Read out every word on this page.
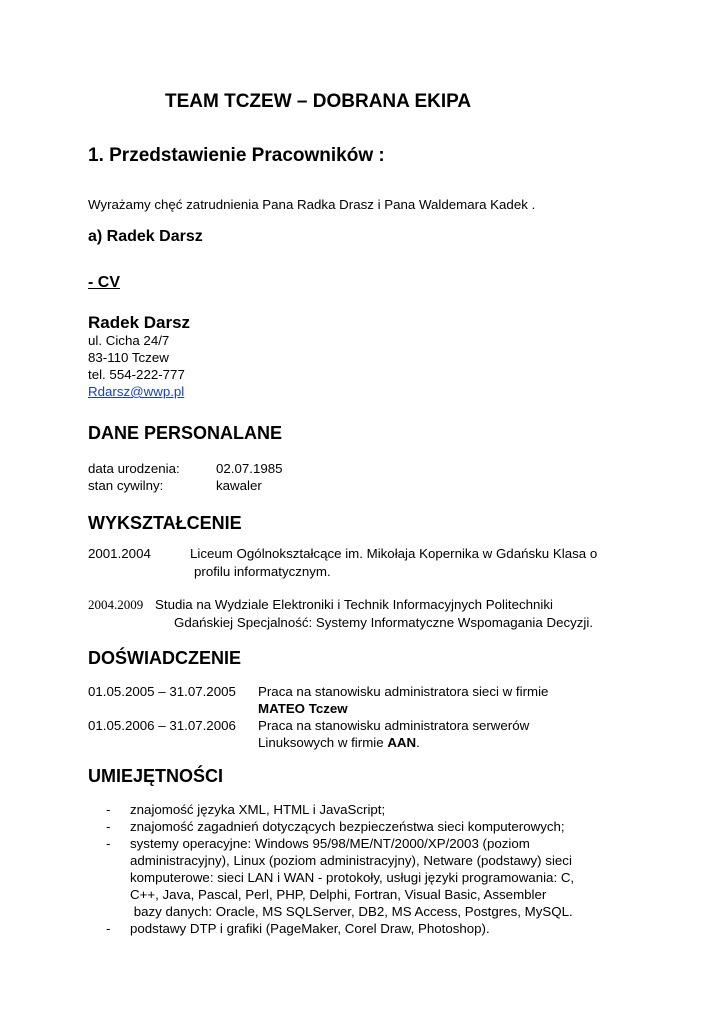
TEAM TCZEW – DOBRANA EKIPA
1. Przedstawienie Pracowników :
Wyrażamy chęć zatrudnienia Pana Radka Drasz i Pana Waldemara Kadek .
a) Radek Darsz
- CV
Radek Darsz
ul. Cicha 24/7
83-110 Tczew
tel. 554-222-777
Rdarsz@wwp.pl
DANE PERSONALANE
data urodzenia:	02.07.1985
stan cywilny:	kawaler
WYKSZTAŁCENIE
2001.2004	Liceum Ogólnokształcące im. Mikołaja Kopernika w Gdańsku Klasa o
profilu informatycznym.
2004.2009 Studia na Wydziale Elektroniki i Technik Informacyjnych Politechniki
Gdańskiej Specjalność: Systemy Informatyczne Wspomagania Decyzji.
DOŚWIADCZENIE
01.05.2005 – 31.07.2005 Praca na stanowisku administratora sieci w firmie
MATEO Tczew
01.05.2006 – 31.07.2006 Praca na stanowisku administratora serwerów
Linuksowych w firmie AAN.
UMIEJĘTNOŚCI
- znajomość języka XML, HTML i JavaScript;
- znajomość zagadnień dotyczących bezpieczeństwa sieci komputerowych;
- systemy operacyjne: Windows 95/98/ME/NT/2000/XP/2003 (poziom
administracyjny), Linux (poziom administracyjny), Netware (podstawy) sieci
komputerowe: sieci LAN i WAN - protokoły, usługi języki programowania: C,
C++, Java, Pascal, Perl, PHP, Delphi, Fortran, Visual Basic, Assembler
bazy danych: Oracle, MS SQLServer, DB2, MS Access, Postgres, MySQL.
- podstawy DTP i grafiki (PageMaker, Corel Draw, Photoshop).
